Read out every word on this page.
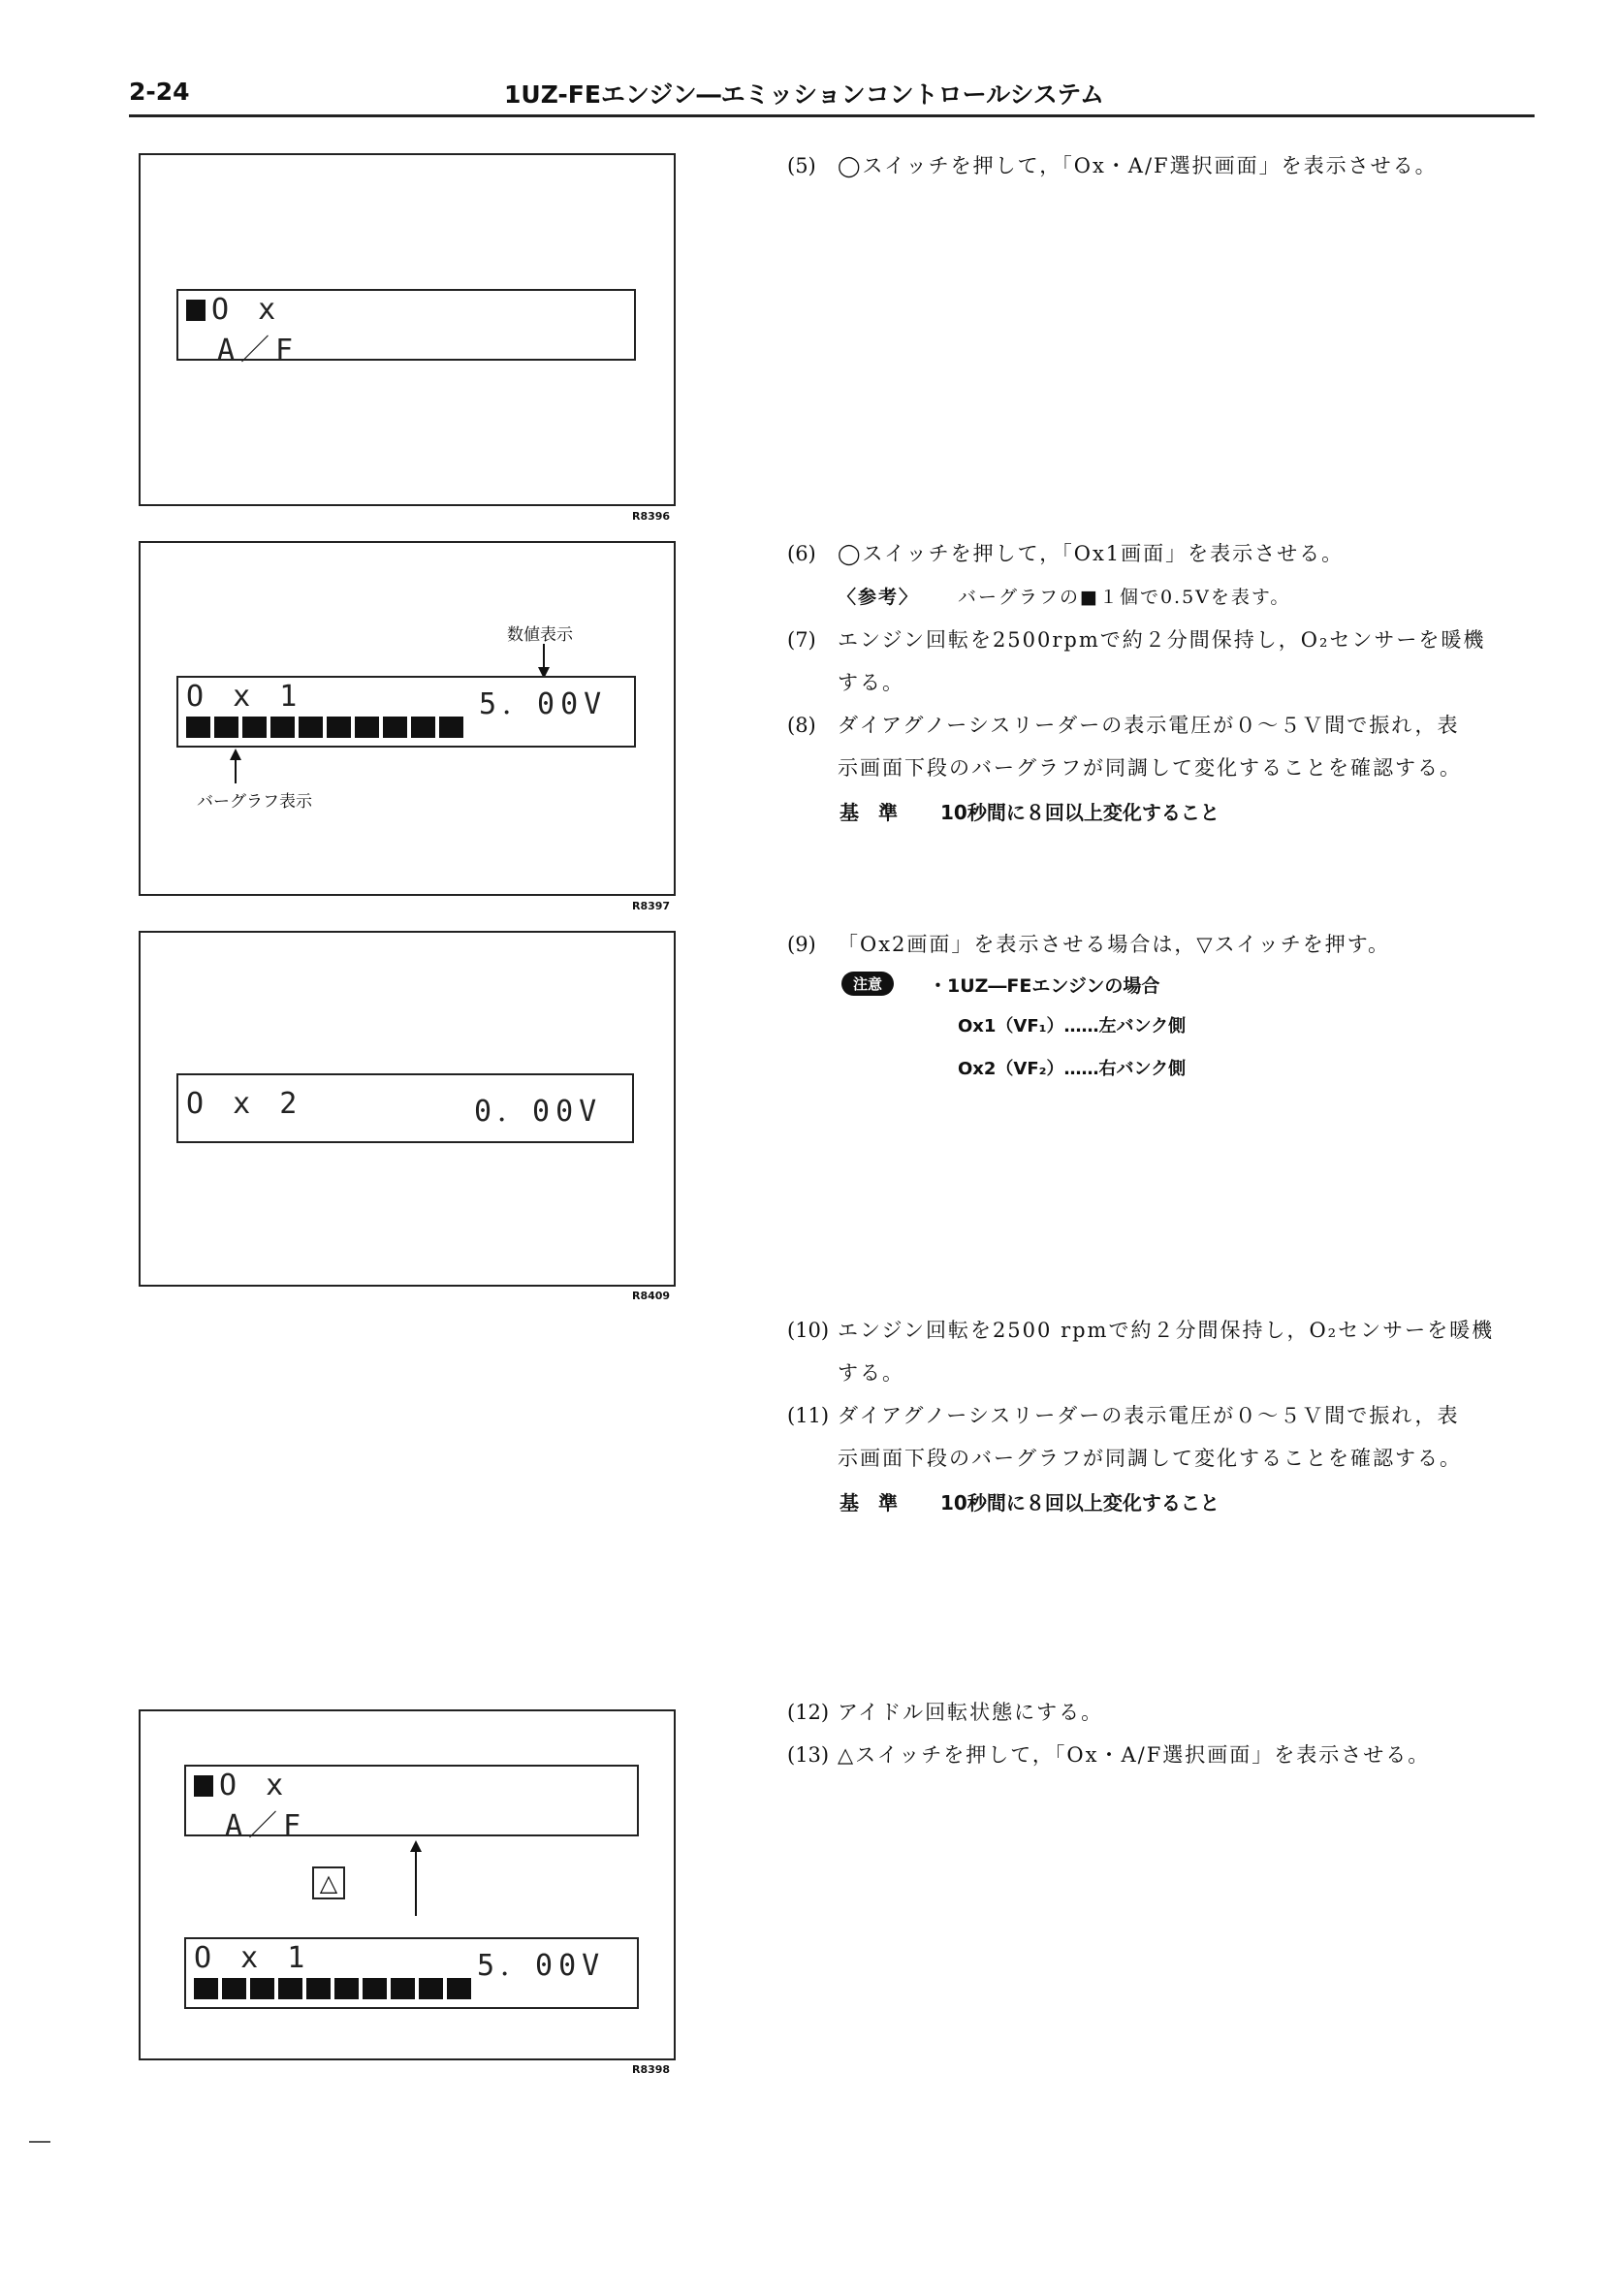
2-24	1UZ-FEエンジン―エミッションコントロールシステム
O x
A／F
R8396
数値表示
O x 1	5．00V
バーグラフ表示
R8397
O x 2	0．00V
R8409
O x
A／F
△
O x 1	5．00V
R8398
(5) ◯スイッチを押して，「Ox・A/F選択画面」を表示させる。
(6) ◯スイッチを押して，「Ox1画面」を表示させる。
〈参考〉 バーグラフの■１個で0.5Vを表す。
(7) エンジン回転を2500rpmで約２分間保持し，O₂センサーを暖機
する。
(8) ダイアグノーシスリーダーの表示電圧が０～５Ｖ間で振れ，表
示画面下段のバーグラフが同調して変化することを確認する。
基　準 10秒間に８回以上変化すること
(9) 「Ox2画面」を表示させる場合は，▽スイッチを押す。
注意	・1UZ―FEエンジンの場合
Ox1（VF₁）……左バンク側
Ox2（VF₂）……右バンク側
(10) エンジン回転を2500 rpmで約２分間保持し，O₂センサーを暖機
する。
(11) ダイアグノーシスリーダーの表示電圧が０～５Ｖ間で振れ，表
示画面下段のバーグラフが同調して変化することを確認する。
基　準 10秒間に８回以上変化すること
(12) アイドル回転状態にする。
(13) △スイッチを押して，「Ox・A/F選択画面」を表示させる。
